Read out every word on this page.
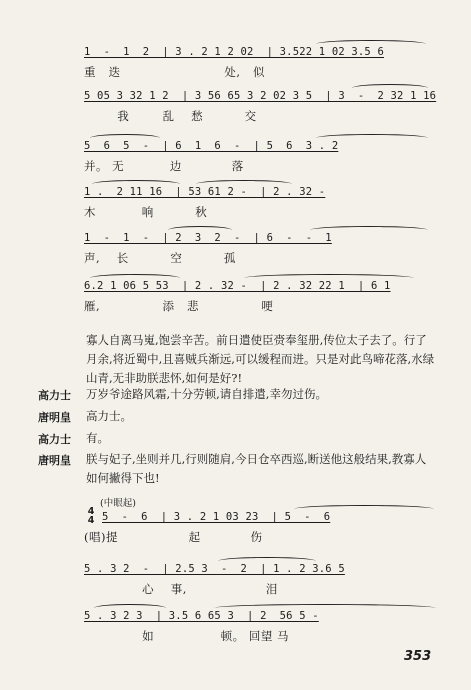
1  -  1  2  | 3 . 2 1 2 02  | 3.522 1 02 3.5 6
重   迭                         处,   似
5 05 3 32 1 2  | 3 56 65 3 2 02 3 5  | 3  -  2 32 1 16
我        乱    愁          交
5  6  5  -  | 6  1  6  -  | 5  6  3 . 2
并。 无           边            落
1 .  2 11 16  | 53 61 2 -  | 2 . 32 -
木           响          秋
1  -  1  -  | 2  3  2  -  | 6  -  -  1
声,    长          空          孤
6.2 1 06 5 53  | 2 . 32 -  | 2 . 32 22 1  | 6 1
雁,               添   悲               哽

寡人自离马嵬,饱尝辛苦。前日遣使臣赍奉玺册,传位太子去了。行了月余,将近蜀中,且喜贼兵渐远,可以缓程而进。只是对此鸟啼花落,水绿山青,无非助朕悲怀,如何是好?!

高力士 万岁爷途路风霜,十分劳顿,请自排遣,幸勿过伤。
唐明皇 高力士。
高力士 有。
唐明皇 朕与妃子,坐则并几,行则随肩,今日仓卒西巡,断送他这般结果,教寡人如何撇得下也!
(中眼起)
4
4 5  -  6  | 3 . 2 1 03 23  | 5  -  6
(唱)提                 起            伤
5 . 3 2  -  | 2.5 3  -  2  | 1 . 2 3.6 5
心    事,                   泪
5 . 3 2 3  | 3.5 6 65 3  | 2  56 5 -
如                顿。 回望 马
353
